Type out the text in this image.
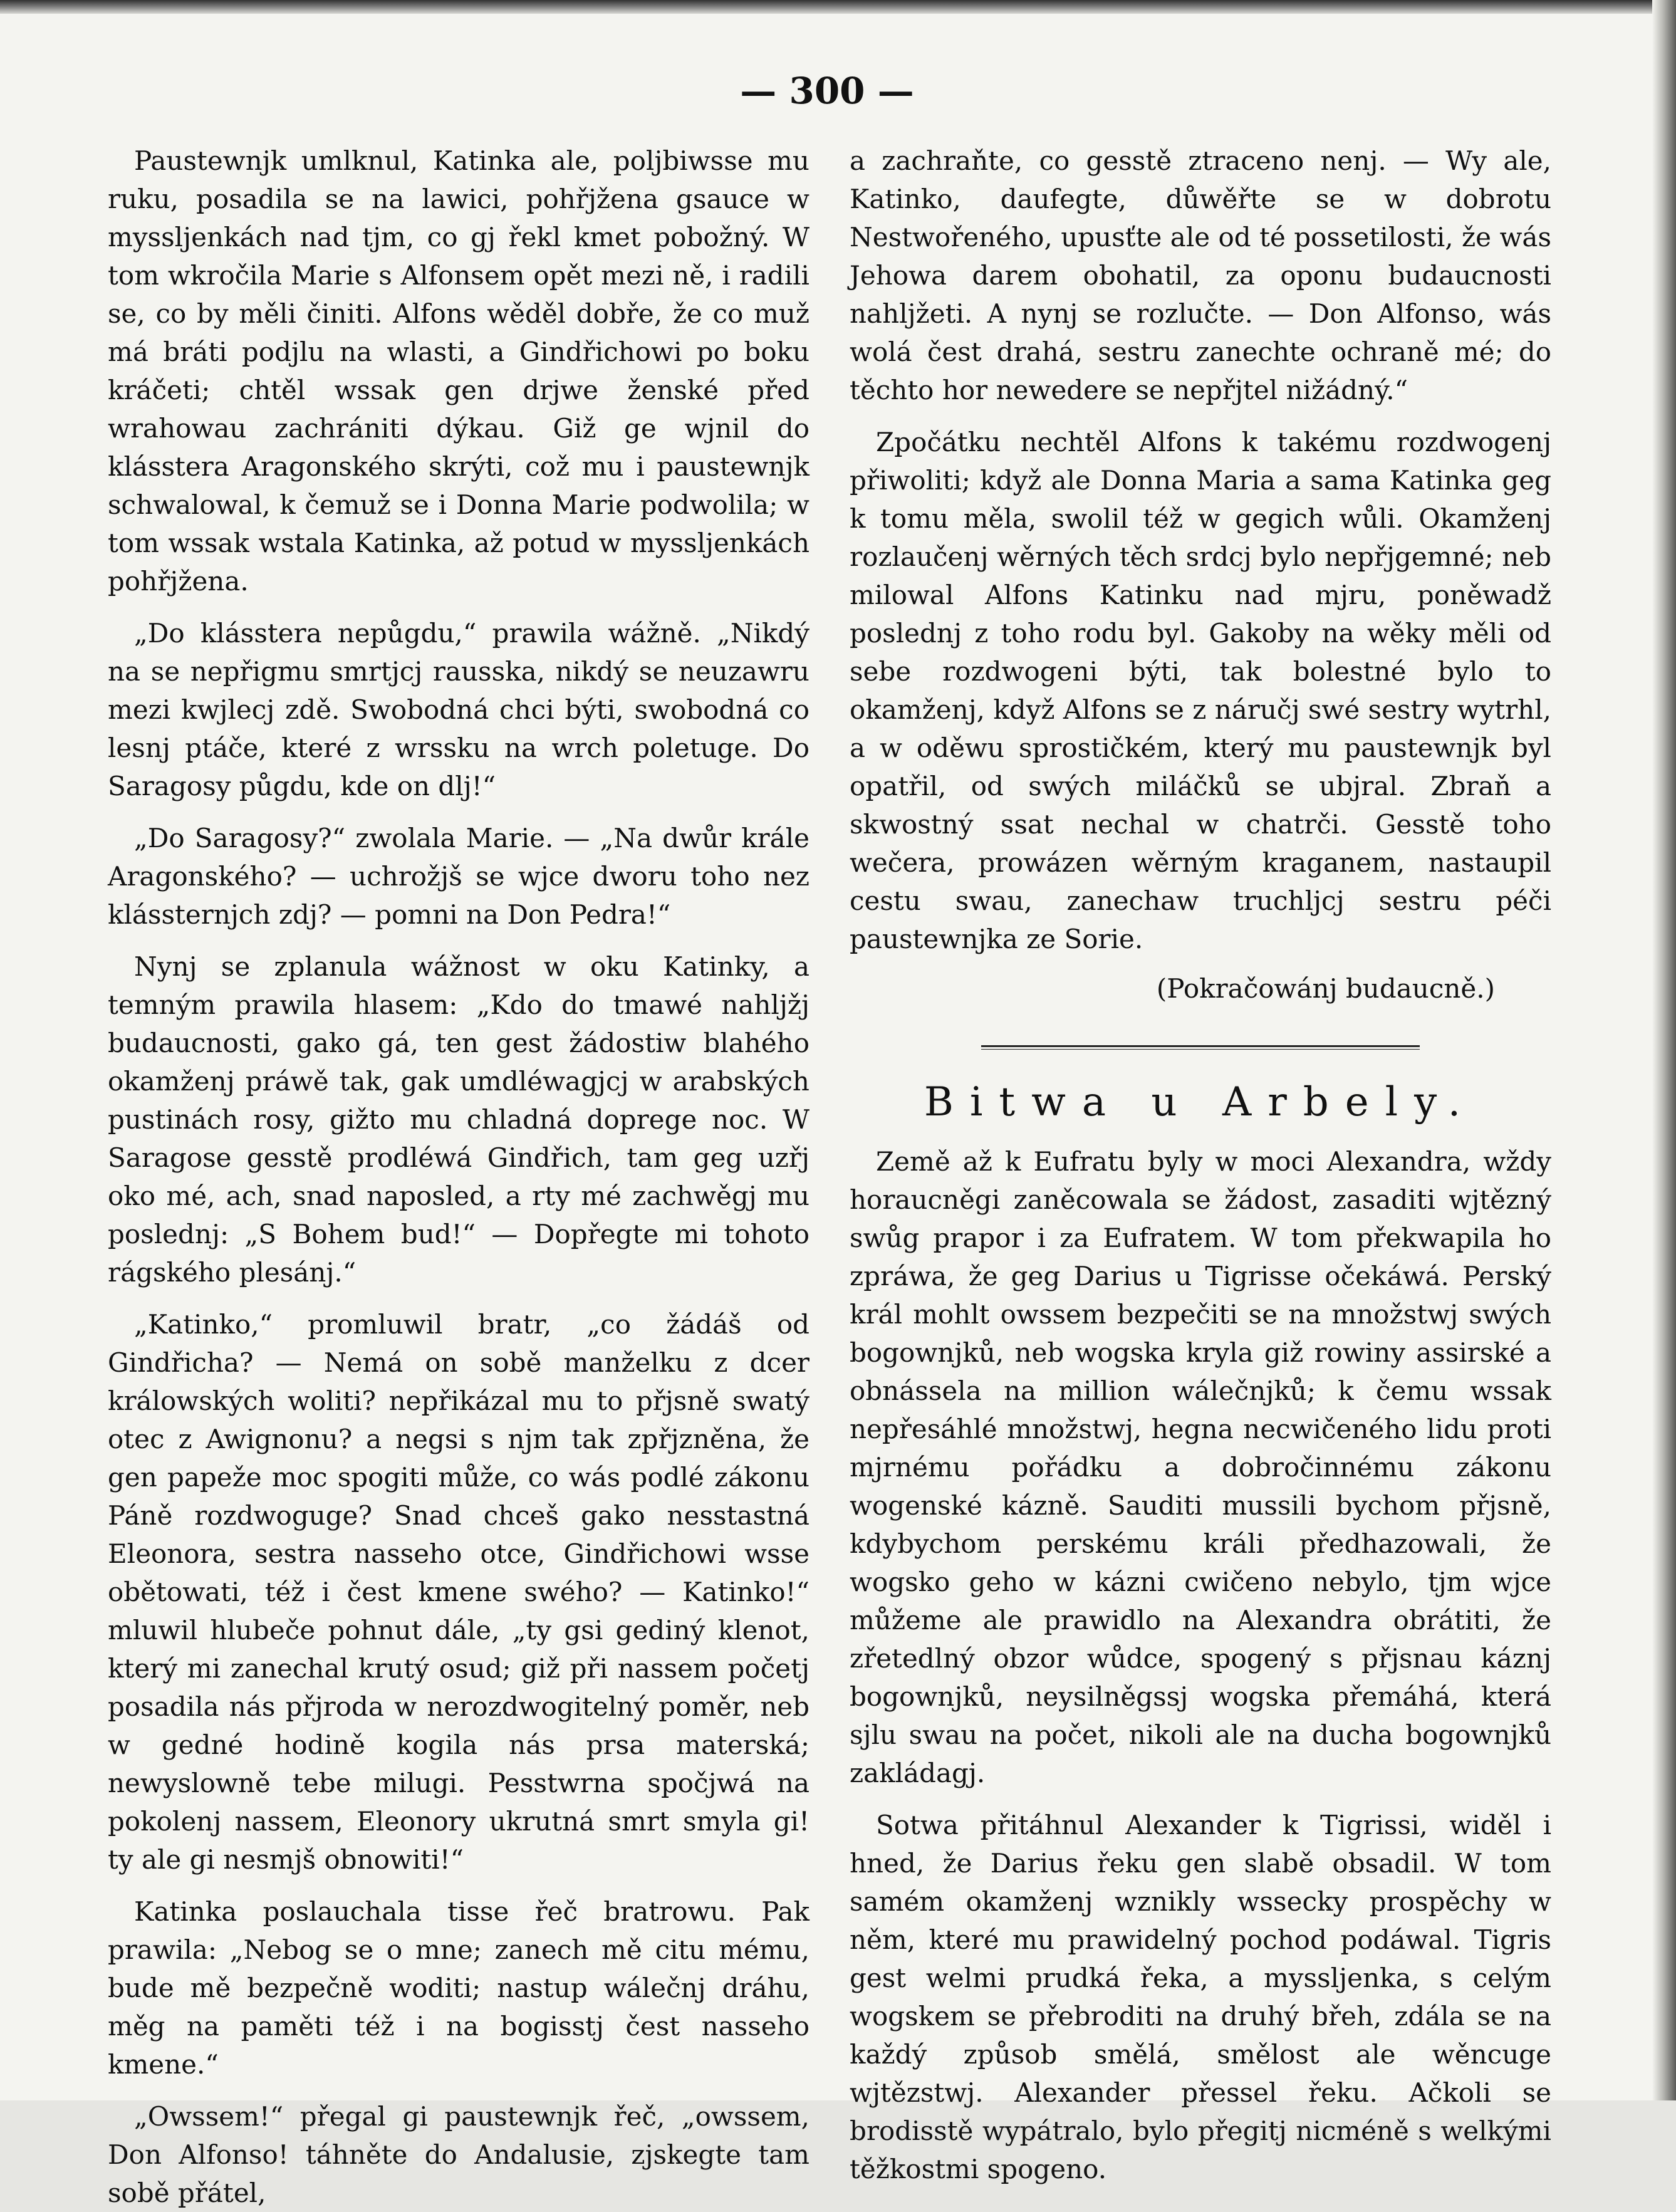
— 300 —

Paustewnjk umlknul, Katinka ale, poljbiwsse mu ruku, posadila se na lawici, pohřjžena gsauce w myssljenkách nad tjm, co gj řekl kmet pobožný. W tom wkročila Marie s Alfonsem opět mezi ně, i radili se, co by měli činiti. Alfons wěděl dobře, že co muž má bráti podjlu na wlasti, a Gindřichowi po boku kráčeti; chtěl wssak gen drjwe ženské před wrahowau zachrániti dýkau. Giž ge wjnil do klásstera Aragonského skrýti, což mu i paustewnjk schwalowal, k čemuž se i Donna Marie podwolila; w tom wssak wstala Katinka, až potud w myssljenkách pohřjžena.

„Do klásstera nepůgdu,“ prawila wážně. „Nikdý na se nepřigmu smrtjcj rausska, nikdý se neuzawru mezi kwjlecj zdě. Swobodná chci býti, swobodná co lesnj ptáče, které z wrssku na wrch poletuge. Do Saragosy půgdu, kde on dlj!“

„Do Saragosy?“ zwolala Marie. — „Na dwůr krále Aragonského? — uchrožjš se wjce dworu toho nez klássternjch zdj? — pomni na Don Pedra!“

Nynj se zplanula wážnost w oku Katinky, a temným prawila hlasem: „Kdo do tmawé nahljžj budaucnosti, gako gá, ten gest žádostiw blahého okamženj práwě tak, gak umdléwagjcj w arabských pustinách rosy, gižto mu chladná doprege noc. W Saragose gesstě prodléwá Gindřich, tam geg uzřj oko mé, ach, snad naposled, a rty mé zachwěgj mu poslednj: „S Bohem bud!“ — Dopřegte mi tohoto rágského plesánj.“

„Katinko,“ promluwil bratr, „co žádáš od Gindřicha? — Nemá on sobě manželku z dcer králowských woliti? nepřikázal mu to přjsně swatý otec z Awignonu? a negsi s njm tak zpřjzněna, že gen papeže moc spogiti může, co wás podlé zákonu Páně rozdwoguge? Snad chceš gako nesstastná Eleonora, sestra nasseho otce, Gindřichowi wsse obětowati, též i čest kmene swého? — Katinko!“ mluwil hlubeče pohnut dále, „ty gsi gediný klenot, který mi zanechal krutý osud; giž při nassem početj posadila nás přjroda w nerozdwogitelný poměr, neb w gedné hodině kogila nás prsa materská; newyslowně tebe milugi. Pesstwrna spočjwá na pokolenj nassem, Eleonory ukrutná smrt smyla gi! ty ale gi nesmjš obnowiti!“

Katinka poslauchala tisse řeč bratrowu. Pak prawila: „Nebog se o mne; zanech mě citu mému, bude mě bezpečně woditi; nastup wálečnj dráhu, měg na paměti též i na bogisstj čest nasseho kmene.“

„Owssem!“ přegal gi paustewnjk řeč, „owssem, Don Alfonso! táhněte do Andalusie, zjskegte tam sobě přátel,

a zachraňte, co gesstě ztraceno nenj. — Wy ale, Katinko, daufegte, důwěřte se w dobrotu Nestwořeného, upusťte ale od té possetilosti, že wás Jehowa darem obohatil, za oponu budaucnosti nahljžeti. A nynj se rozlučte. — Don Alfonso, wás wolá čest drahá, sestru zanechte ochraně mé; do těchto hor newedere se nepřjtel nižádný.“

Zpočátku nechtěl Alfons k takému rozdwogenj přiwoliti; když ale Donna Maria a sama Katinka geg k tomu měla, swolil též w gegich wůli. Okamženj rozlaučenj wěrných těch srdcj bylo nepřjgemné; neb milowal Alfons Katinku nad mjru, poněwadž poslednj z toho rodu byl. Gakoby na wěky měli od sebe rozdwogeni býti, tak bolestné bylo to okamženj, když Alfons se z náručj swé sestry wytrhl, a w oděwu sprostičkém, který mu paustewnjk byl opatřil, od swých miláčků se ubjral. Zbraň a skwostný ssat nechal w chatrči. Gesstě toho wečera, prowázen wěrným kraganem, nastaupil cestu swau, zanechaw truchljcj sestru péči paustewnjka ze Sorie.

(Pokračowánj budaucně.)

Bitwa u Arbely.

Země až k Eufratu byly w moci Alexandra, wždy horaucněgi zaněcowala se žádost, zasaditi wjtězný swůg prapor i za Eufratem. W tom překwapila ho zpráwa, že geg Darius u Tigrisse očekáwá. Perský král mohlt owssem bezpečiti se na množstwj swých bogownjků, neb wogska kryla giž rowiny assirské a obnássela na million wálečnjků; k čemu wssak nepřesáhlé množstwj, hegna necwičeného lidu proti mjrnému pořádku a dobročinnému zákonu wogenské kázně. Sauditi mussili bychom přjsně, kdybychom perskému králi předhazowali, že wogsko geho w kázni cwičeno nebylo, tjm wjce můžeme ale prawidlo na Alexandra obrátiti, že zřetedlný obzor wůdce, spogený s přjsnau káznj bogownjků, neysilněgssj wogska přemáhá, která sjlu swau na počet, nikoli ale na ducha bogownjků zakládagj.

Sotwa přitáhnul Alexander k Tigrissi, widěl i hned, že Darius řeku gen slabě obsadil. W tom samém okamženj wznikly wssecky prospěchy w něm, které mu prawidelný pochod podáwal. Tigris gest welmi prudká řeka, a myssljenka, s celým wogskem se přebroditi na druhý břeh, zdála se na každý způsob smělá, smělost ale wěncuge wjtězstwj. Alexander přessel řeku. Ačkoli se brodisstě wypátralo, bylo přegitj nicméně s welkými těžkostmi spogeno.
